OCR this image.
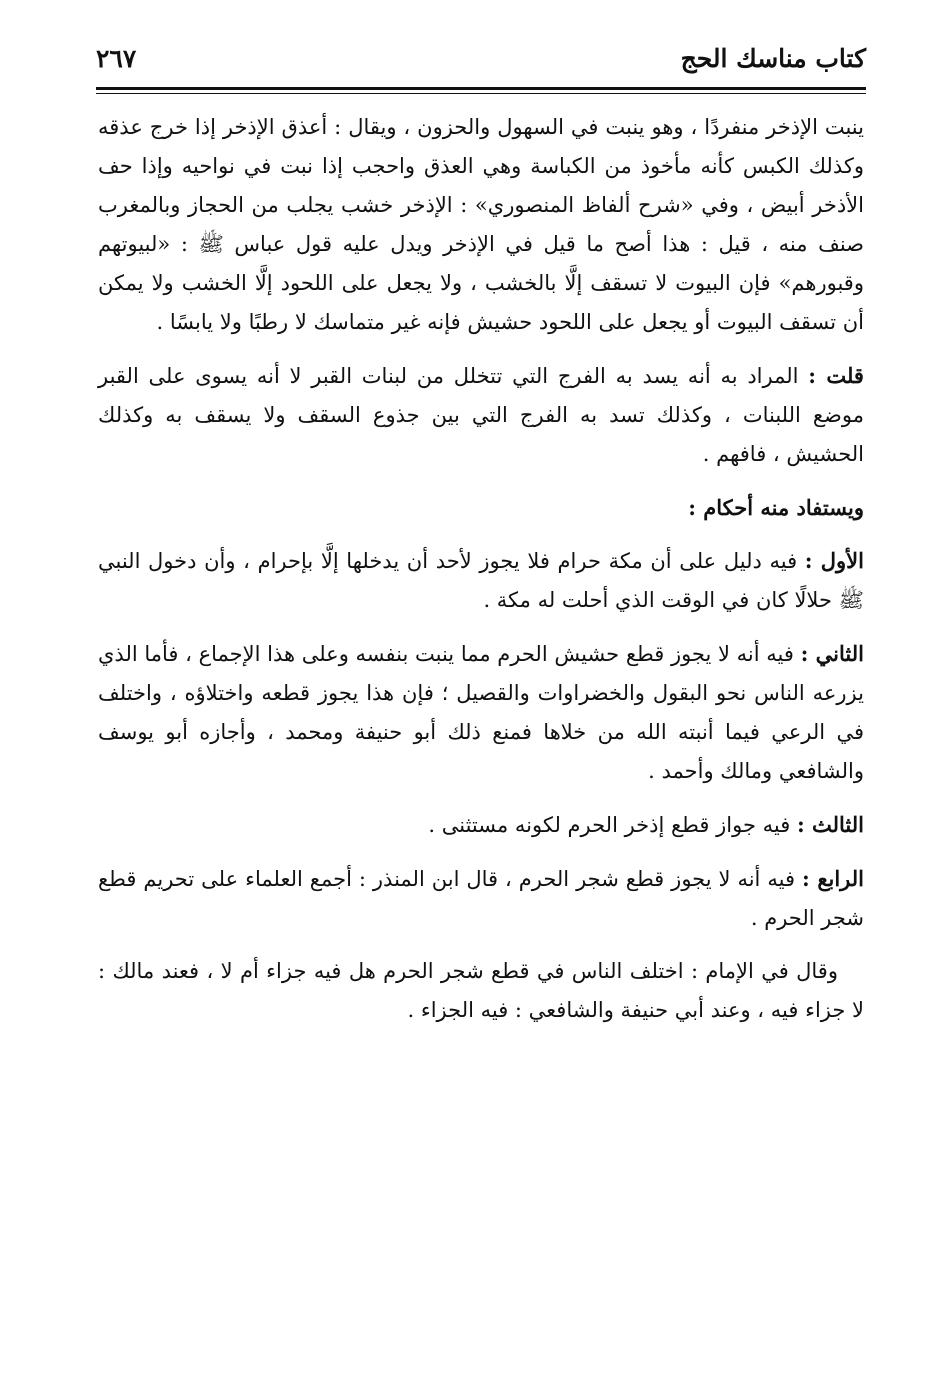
كتاب مناسك الحج
٢٦٧

ينبت الإذخر منفردًا ، وهو ينبت في السهول والحزون ، ويقال : أعذق الإذخر إذا خرج عذقه وكذلك الكبس كأنه مأخوذ من الكباسة وهي العذق واحجب إذا نبت في نواحيه وإذا حف الأذخر أبيض ، وفي «شرح ألفاظ المنصوري» : الإذخر خشب يجلب من الحجاز وبالمغرب صنف منه ، قيل : هذا أصح ما قيل في الإذخر ويدل عليه قول عباس ﷺ : «لبيوتهم وقبورهم» فإن البيوت لا تسقف إلَّا بالخشب ، ولا يجعل على اللحود إلَّا الخشب ولا يمكن أن تسقف البيوت أو يجعل على اللحود حشيش فإنه غير متماسك لا رطبًا ولا يابسًا .

قلت : المراد به أنه يسد به الفرج التي تتخلل من لبنات القبر لا أنه يسوى على القبر موضع اللبنات ، وكذلك تسد به الفرج التي بين جذوع السقف ولا يسقف به وكذلك الحشيش ، فافهم .

ويستفاد منه أحكام :

الأول : فيه دليل على أن مكة حرام فلا يجوز لأحد أن يدخلها إلَّا بإحرام ، وأن دخول النبي ﷺ حلالًا كان في الوقت الذي أحلت له مكة .

الثاني : فيه أنه لا يجوز قطع حشيش الحرم مما ينبت بنفسه وعلى هذا الإجماع ، فأما الذي يزرعه الناس نحو البقول والخضراوات والقصيل ؛ فإن هذا يجوز قطعه واختلاؤه ، واختلف في الرعي فيما أنبته الله من خلاها فمنع ذلك أبو حنيفة ومحمد ، وأجازه أبو يوسف والشافعي ومالك وأحمد .

الثالث : فيه جواز قطع إذخر الحرم لكونه مستثنى .

الرابع : فيه أنه لا يجوز قطع شجر الحرم ، قال ابن المنذر : أجمع العلماء على تحريم قطع شجر الحرم .

وقال في الإمام : اختلف الناس في قطع شجر الحرم هل فيه جزاء أم لا ، فعند مالك : لا جزاء فيه ، وعند أبي حنيفة والشافعي : فيه الجزاء .
